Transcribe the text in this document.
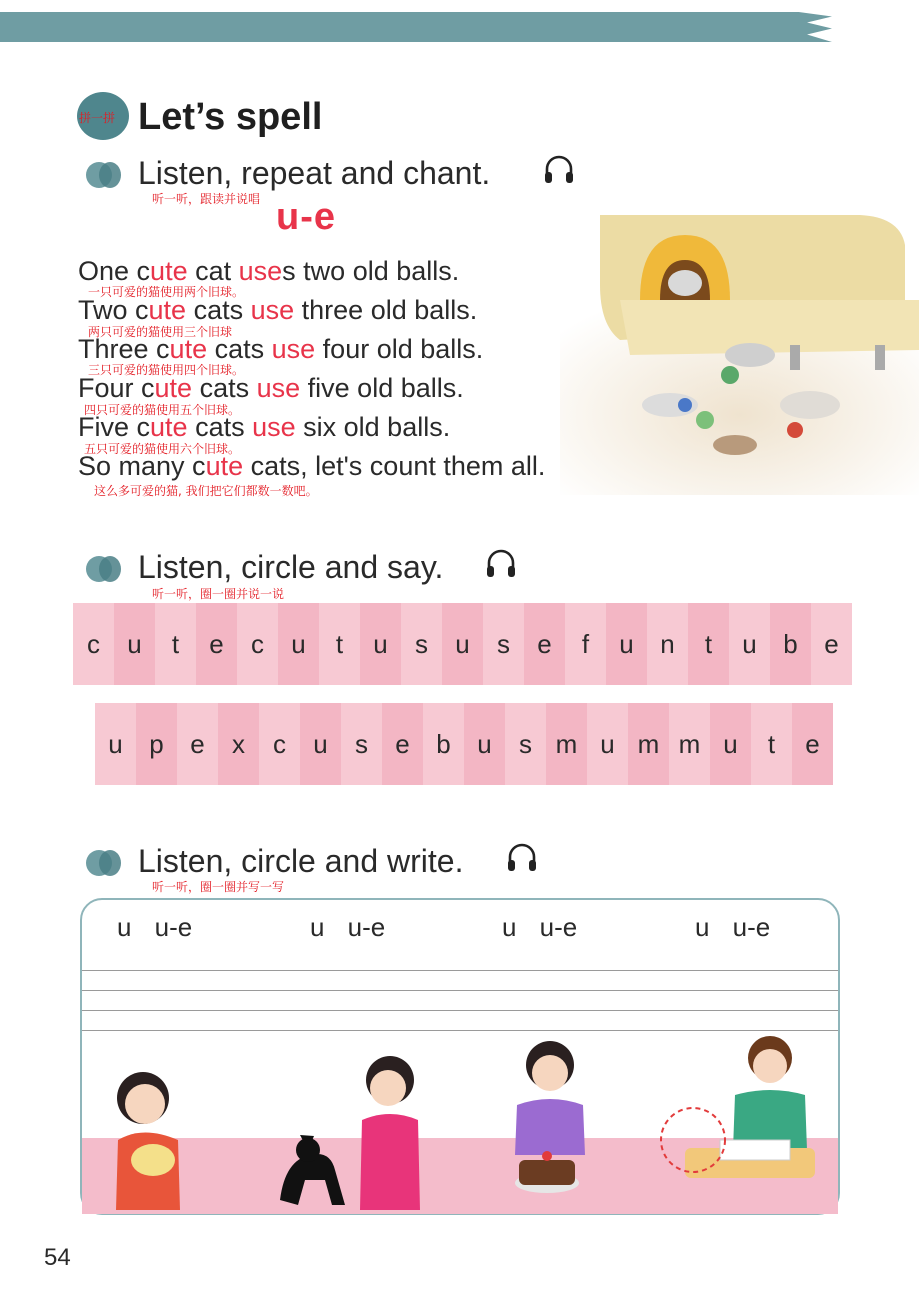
拼一拼 Let’s spell
Listen, repeat and chant.
听一听，跟读并说唱 u-e
One cute cat uses two old balls.
一只可爱的猫使用两个旧球。
Two cute cats use three old balls.
两只可爱的猫使用三个旧球
Three cute cats use four old balls.
三只可爱的猫使用四个旧球。
Four cute cats use five old balls.
四只可爱的猫使用五个旧球。
Five cute cats use six old balls.
五只可爱的猫使用六个旧球。
So many cute cats, let's count them all.
这么多可爱的猫, 我们把它们都数一数吧。
Listen, circle and say.
听一听，圈一圈并说一说
c	u	t	e	c	u	t	u	s	u	s	e	f	u	n	t	u	b	e
u	p	e	x	c	u	s	e	b	u	s m u m m u	t	e
Listen, circle and write.
听一听，圈一圈并写一写
u u-e	u u-e	u u-e	u u-e
54
